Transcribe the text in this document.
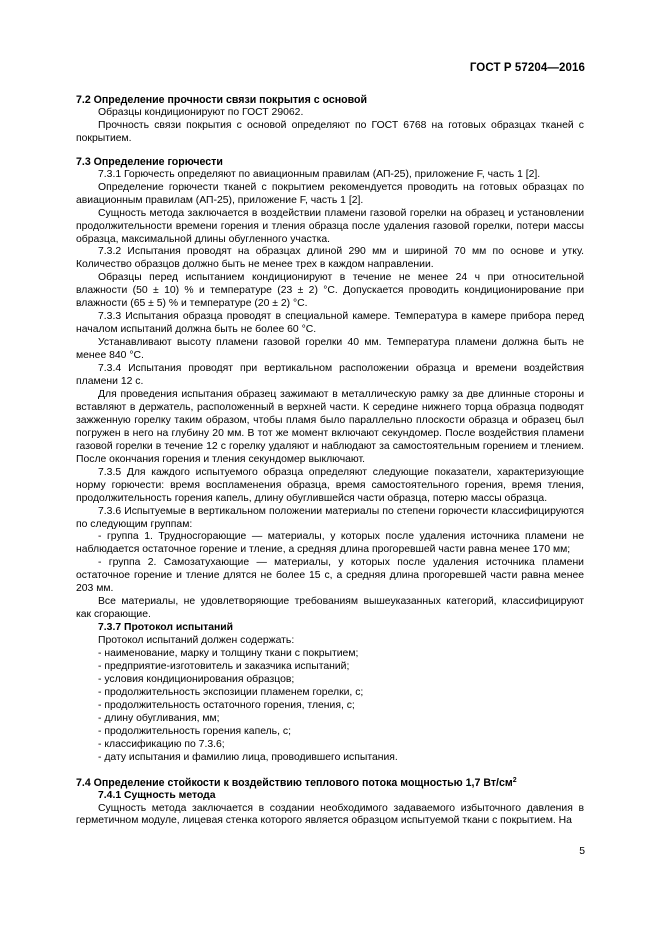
ГОСТ Р 57204—2016

7.2 Определение прочности связи покрытия с основой

Образцы кондиционируют по ГОСТ 29062.

Прочность связи покрытия с основой определяют по ГОСТ 6768 на готовых образцах тканей с покрытием.

7.3 Определение горючести

7.3.1 Горючесть определяют по авиационным правилам (АП-25), приложение F, часть 1 [2].

Определение горючести тканей с покрытием рекомендуется проводить на готовых образцах по авиационным правилам (АП-25), приложение F, часть 1 [2].

Сущность метода заключается в воздействии пламени газовой горелки на образец и установлении продолжительности времени горения и тления образца после удаления газовой горелки, потери массы образца, максимальной длины обугленного участка.

7.3.2 Испытания проводят на образцах длиной 290 мм и шириной 70 мм по основе и утку. Количество образцов должно быть не менее трех в каждом направлении.

Образцы перед испытанием кондиционируют в течение не менее 24 ч при относительной влажности (50 ± 10) % и температуре (23 ± 2) °С. Допускается проводить кондиционирование при влажности (65 ± 5) % и температуре (20 ± 2) °С.

7.3.3 Испытания образца проводят в специальной камере. Температура в камере прибора перед началом испытаний должна быть не более 60 °С.

Устанавливают высоту пламени газовой горелки 40 мм. Температура пламени должна быть не менее 840 °С.

7.3.4 Испытания проводят при вертикальном расположении образца и времени воздействия пламени 12 с.

Для проведения испытания образец зажимают в металлическую рамку за две длинные стороны и вставляют в держатель, расположенный в верхней части. К середине нижнего торца образца подводят зажженную горелку таким образом, чтобы пламя было параллельно плоскости образца и образец был погружен в него на глубину 20 мм. В тот же момент включают секундомер. После воздействия пламени газовой горелки в течение 12 с горелку удаляют и наблюдают за самостоятельным горением и тлением. После окончания горения и тления секундомер выключают.

7.3.5 Для каждого испытуемого образца определяют следующие показатели, характеризующие норму горючести: время воспламенения образца, время самостоятельного горения, время тления, продолжительность горения капель, длину обуглившейся части образца, потерю массы образца.

7.3.6 Испытуемые в вертикальном положении материалы по степени горючести классифицируются по следующим группам:

- группа 1. Трудносгорающие — материалы, у которых после удаления источника пламени не наблюдается остаточное горение и тление, а средняя длина прогоревшей части равна менее 170 мм;

- группа 2. Самозатухающие — материалы, у которых после удаления источника пламени остаточное горение и тление длятся не более 15 с, а средняя длина прогоревшей части равна менее 203 мм.

Все материалы, не удовлетворяющие требованиям вышеуказанных категорий, классифицируют как сгорающие.

7.3.7 Протокол испытаний

Протокол испытаний должен содержать:

- наименование, марку и толщину ткани с покрытием;

- предприятие-изготовитель и заказчика испытаний;

- условия кондиционирования образцов;

- продолжительность экспозиции пламенем горелки, с;

- продолжительность остаточного горения, тления, с;

- длину обугливания, мм;

- продолжительность горения капель, с;

- классификацию по 7.3.6;

- дату испытания и фамилию лица, проводившего испытания.

7.4 Определение стойкости к воздействию теплового потока мощностью 1,7 $Вт/см^2$

7.4.1 Сущность метода

Сущность метода заключается в создании необходимого задаваемого избыточного давления в герметичном модуле, лицевая стенка которого является образцом испытуемой ткани с покрытием. На

5
